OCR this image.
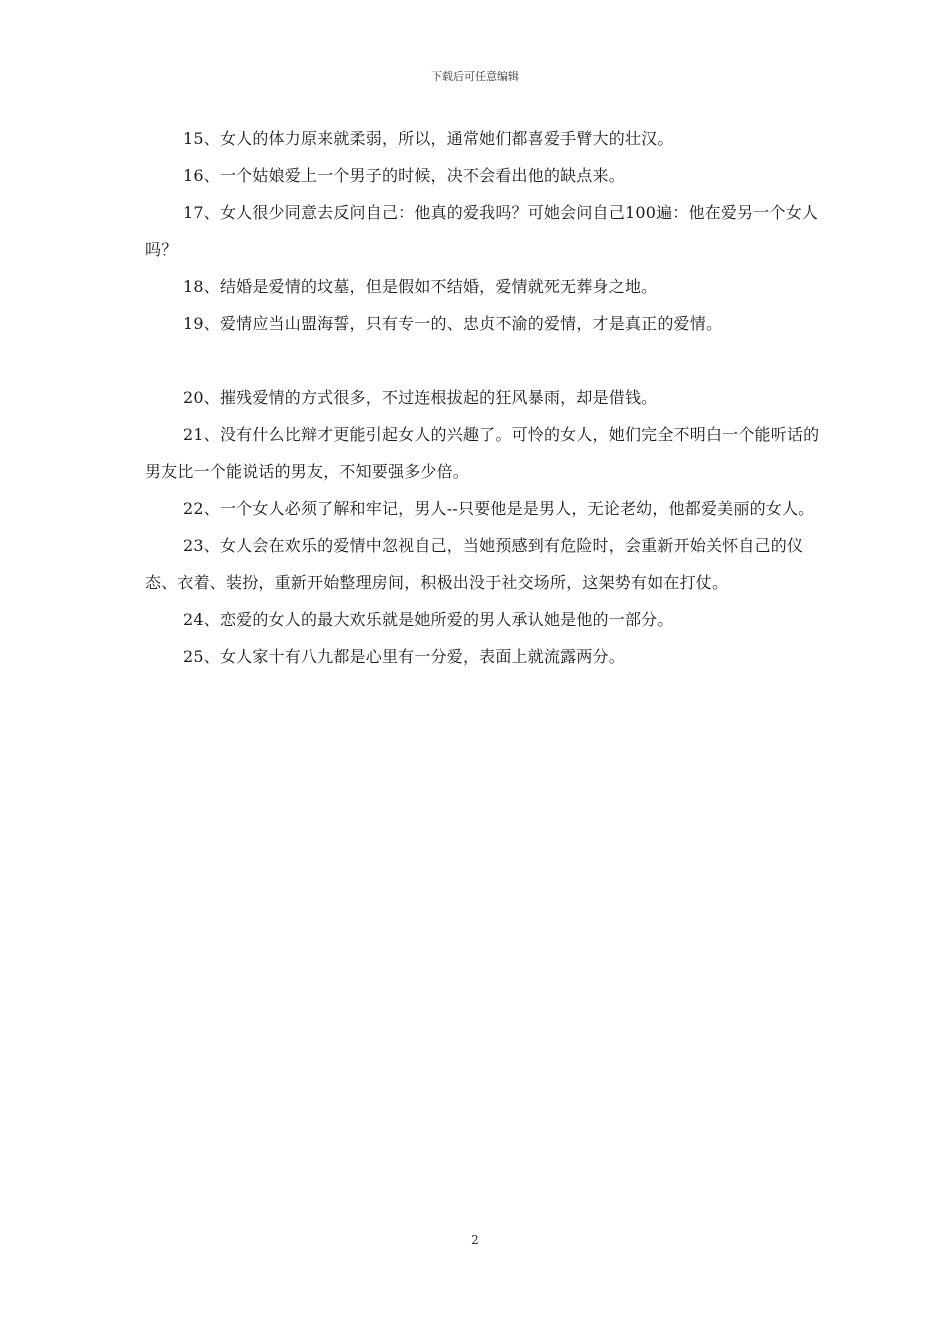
下载后可任意编辑

15、女人的体力原来就柔弱，所以，通常她们都喜爱手臂大的壮汉。

16、一个姑娘爱上一个男子的时候，决不会看出他的缺点来。

17、女人很少同意去反问自己：他真的爱我吗？可她会问自己100遍：他在爱另一个女人吗？

18、结婚是爱情的坟墓，但是假如不结婚，爱情就死无葬身之地。

19、爱情应当山盟海誓，只有专一的、忠贞不渝的爱情，才是真正的爱情。

20、摧残爱情的方式很多，不过连根拔起的狂风暴雨，却是借钱。

21、没有什么比辩才更能引起女人的兴趣了。可怜的女人，她们完全不明白一个能听话的男友比一个能说话的男友，不知要强多少倍。

22、一个女人必须了解和牢记，男人--只要他是是男人，无论老幼，他都爱美丽的女人。

23、女人会在欢乐的爱情中忽视自己，当她预感到有危险时，会重新开始关怀自己的仪态、衣着、装扮，重新开始整理房间，积极出没于社交场所，这架势有如在打仗。

24、恋爱的女人的最大欢乐就是她所爱的男人承认她是他的一部分。

25、女人家十有八九都是心里有一分爱，表面上就流露两分。

2
